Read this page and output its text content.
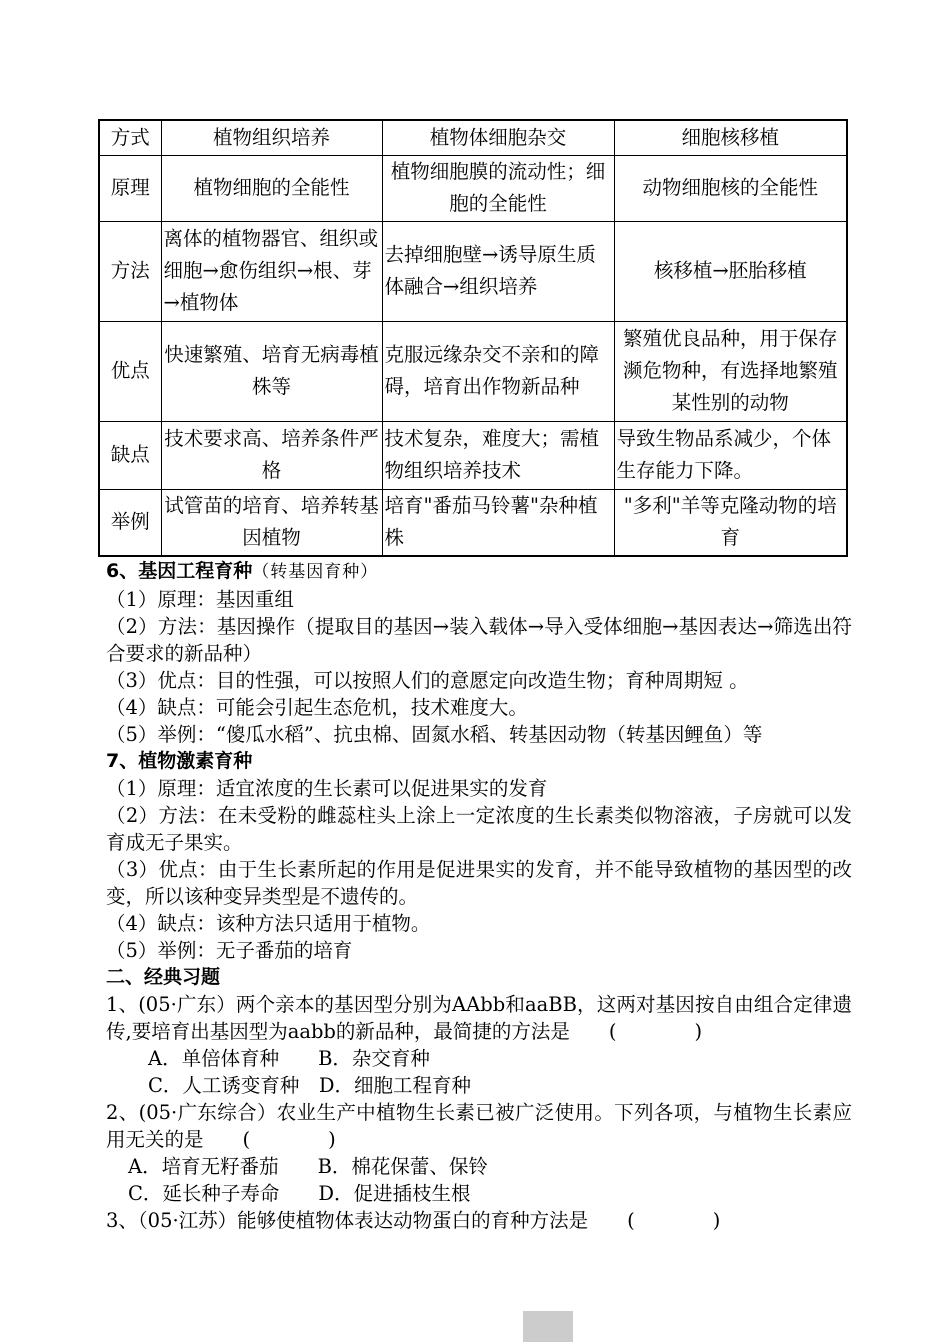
方式	植物组织培养	植物体细胞杂交	细胞核移植
原理	植物细胞的全能性	植物细胞膜的流动性；细胞的全能性	动物细胞核的全能性
方法	离体的植物器官、组织或细胞→愈伤组织→根、芽→植物体	去掉细胞壁→诱导原生质体融合→组织培养	核移植→胚胎移植
优点	快速繁殖、培育无病毒植株等	克服远缘杂交不亲和的障碍，培育出作物新品种	繁殖优良品种，用于保存濒危物种，有选择地繁殖某性别的动物
缺点	技术要求高、培养条件严格	技术复杂，难度大；需植物组织培养技术	导致生物品系减少，个体生存能力下降。
举例	试管苗的培育、培养转基因植物	培育"番茄马铃薯"杂种植株	"多利"羊等克隆动物的培育
6、基因工程育种（转基因育种）
（1）原理：基因重组
（2）方法：基因操作（提取目的基因→装入载体→导入受体细胞→基因表达→筛选出符合要求的新品种）
（3）优点：目的性强，可以按照人们的意愿定向改造生物；育种周期短 。
（4）缺点：可能会引起生态危机，技术难度大。
（5）举例：“傻瓜水稻”、抗虫棉、固氮水稻、转基因动物（转基因鲤鱼）等
7、植物激素育种
（1）原理：适宜浓度的生长素可以促进果实的发育
（2）方法：在未受粉的雌蕊柱头上涂上一定浓度的生长素类似物溶液，子房就可以发育成无子果实。
（3）优点：由于生长素所起的作用是促进果实的发育，并不能导致植物的基因型的改变，所以该种变异类型是不遗传的。
（4）缺点：该种方法只适用于植物。
（5）举例：无子番茄的培育
二、经典习题
1、(05·广东）两个亲本的基因型分别为AAbb和aaBB，这两对基因按自由组合定律遗传,要培育出基因型为aabb的新品种，最简捷的方法是　　(　　　　)
A．单倍体育种　　B．杂交育种
C．人工诱变育种　D．细胞工程育种
2、(05·广东综合）农业生产中植物生长素已被广泛使用。下列各项，与植物生长素应用无关的是　　(　　　　)
A．培育无籽番茄　　B．棉花保蕾、保铃
C．延长种子寿命　　D．促进插枝生根
3、（05·江苏）能够使植物体表达动物蛋白的育种方法是　　(　　　　)
